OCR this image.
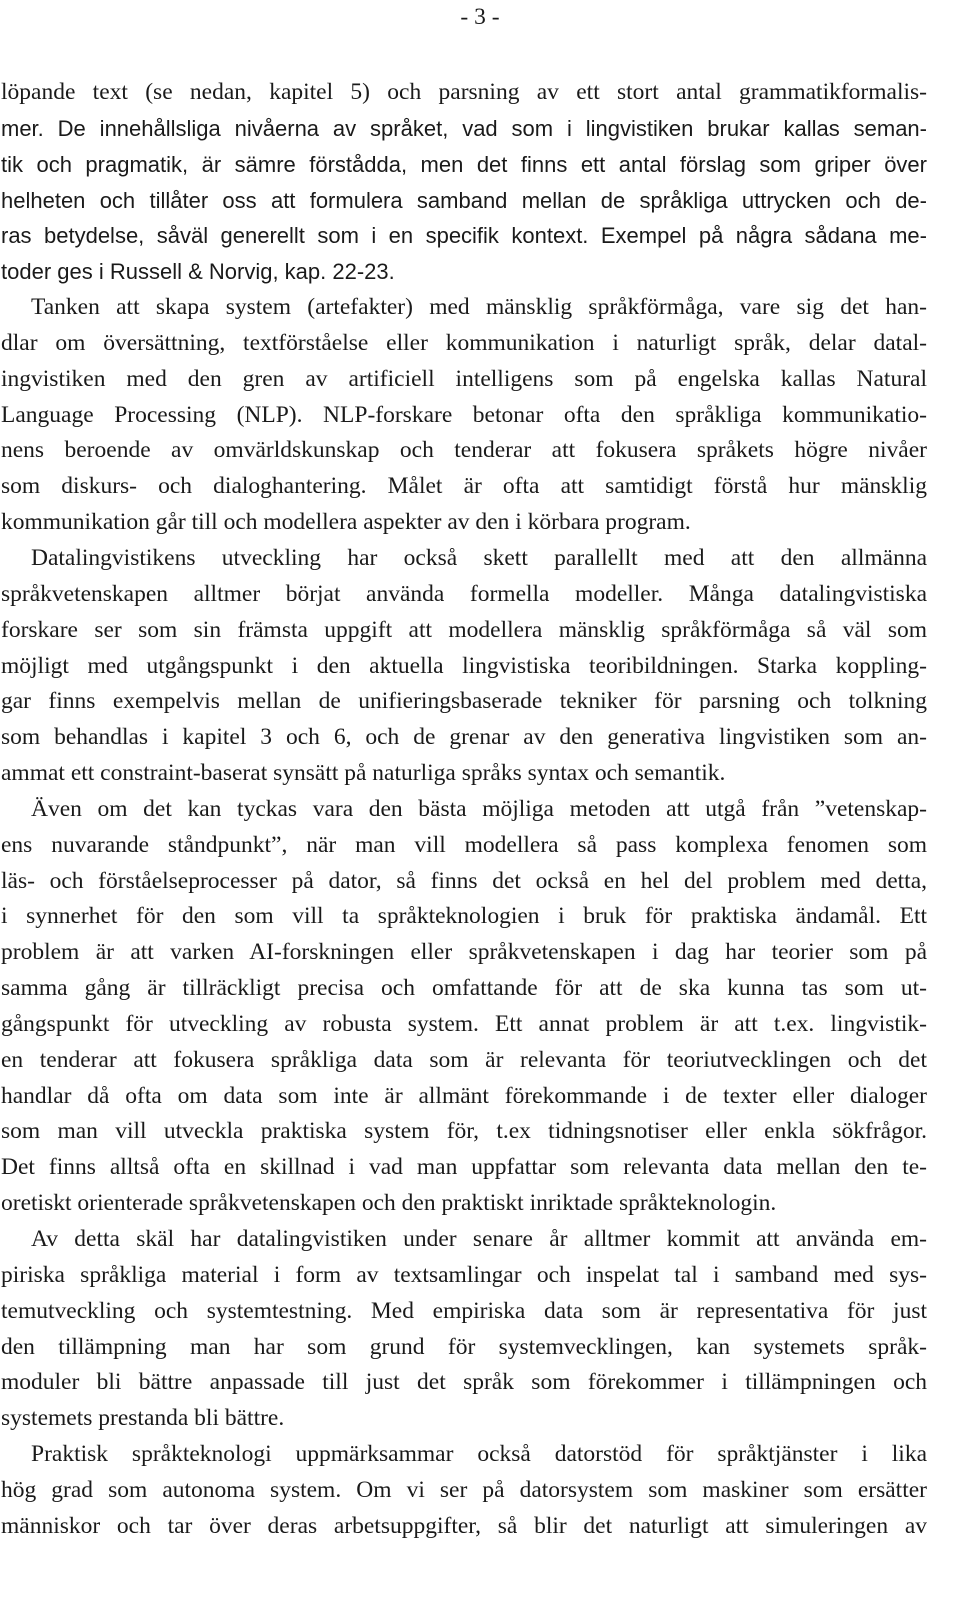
- 3 -
löpande text (se nedan, kapitel 5) och parsning av ett stort antal grammatikformalis-
mer. De innehållsliga nivåerna av språket, vad som i lingvistiken brukar kallas seman-
tik och pragmatik, är sämre förstådda, men det finns ett antal förslag som griper över
helheten och tillåter oss att formulera samband mellan de språkliga uttrycken och de-
ras betydelse, såväl generellt som i en specifik kontext. Exempel på några sådana me-
toder ges i Russell & Norvig, kap. 22-23.
Tanken att skapa system (artefakter) med mänsklig språkförmåga, vare sig det han-
dlar om översättning, textförståelse eller kommunikation i naturligt språk, delar datal-
ingvistiken med den gren av artificiell intelligens som på engelska kallas Natural
Language Processing (NLP). NLP-forskare betonar ofta den språkliga kommunikatio-
nens beroende av omvärldskunskap och tenderar att fokusera språkets högre nivåer
som diskurs- och dialoghantering. Målet är ofta att samtidigt förstå hur mänsklig
kommunikation går till och modellera aspekter av den i körbara program.
Datalingvistikens utveckling har också skett parallellt med att den allmänna
språkvetenskapen alltmer börjat använda formella modeller. Många datalingvistiska
forskare ser som sin främsta uppgift att modellera mänsklig språkförmåga så väl som
möjligt med utgångspunkt i den aktuella lingvistiska teoribildningen. Starka koppling-
gar finns exempelvis mellan de unifieringsbaserade tekniker för parsning och tolkning
som behandlas i kapitel 3 och 6, och de grenar av den generativa lingvistiken som an-
ammat ett constraint-baserat synsätt på naturliga språks syntax och semantik.
Även om det kan tyckas vara den bästa möjliga metoden att utgå från ”vetenskap-
ens nuvarande ståndpunkt”, när man vill modellera så pass komplexa fenomen som
läs- och förståelseprocesser på dator, så finns det också en hel del problem med detta,
i synnerhet för den som vill ta språkteknologien i bruk för praktiska ändamål. Ett
problem är att varken AI-forskningen eller språkvetenskapen i dag har teorier som på
samma gång är tillräckligt precisa och omfattande för att de ska kunna tas som ut-
gångspunkt för utveckling av robusta system. Ett annat problem är att t.ex. lingvistik-
en tenderar att fokusera språkliga data som är relevanta för teoriutvecklingen och det
handlar då ofta om data som inte är allmänt förekommande i de texter eller dialoger
som man vill utveckla praktiska system för, t.ex tidningsnotiser eller enkla sökfrågor.
Det finns alltså ofta en skillnad i vad man uppfattar som relevanta data mellan den te-
oretiskt orienterade språkvetenskapen och den praktiskt inriktade språkteknologin.
Av detta skäl har datalingvistiken under senare år alltmer kommit att använda em-
piriska språkliga material i form av textsamlingar och inspelat tal i samband med sys-
temutveckling och systemtestning. Med empiriska data som är representativa för just
den tillämpning man har som grund för systemvecklingen, kan systemets språk-
moduler bli bättre anpassade till just det språk som förekommer i tillämpningen och
systemets prestanda bli bättre.
Praktisk språkteknologi uppmärksammar också datorstöd för språktjänster i lika
hög grad som autonoma system. Om vi ser på datorsystem som maskiner som ersätter
människor och tar över deras arbetsuppgifter, så blir det naturligt att simuleringen av
